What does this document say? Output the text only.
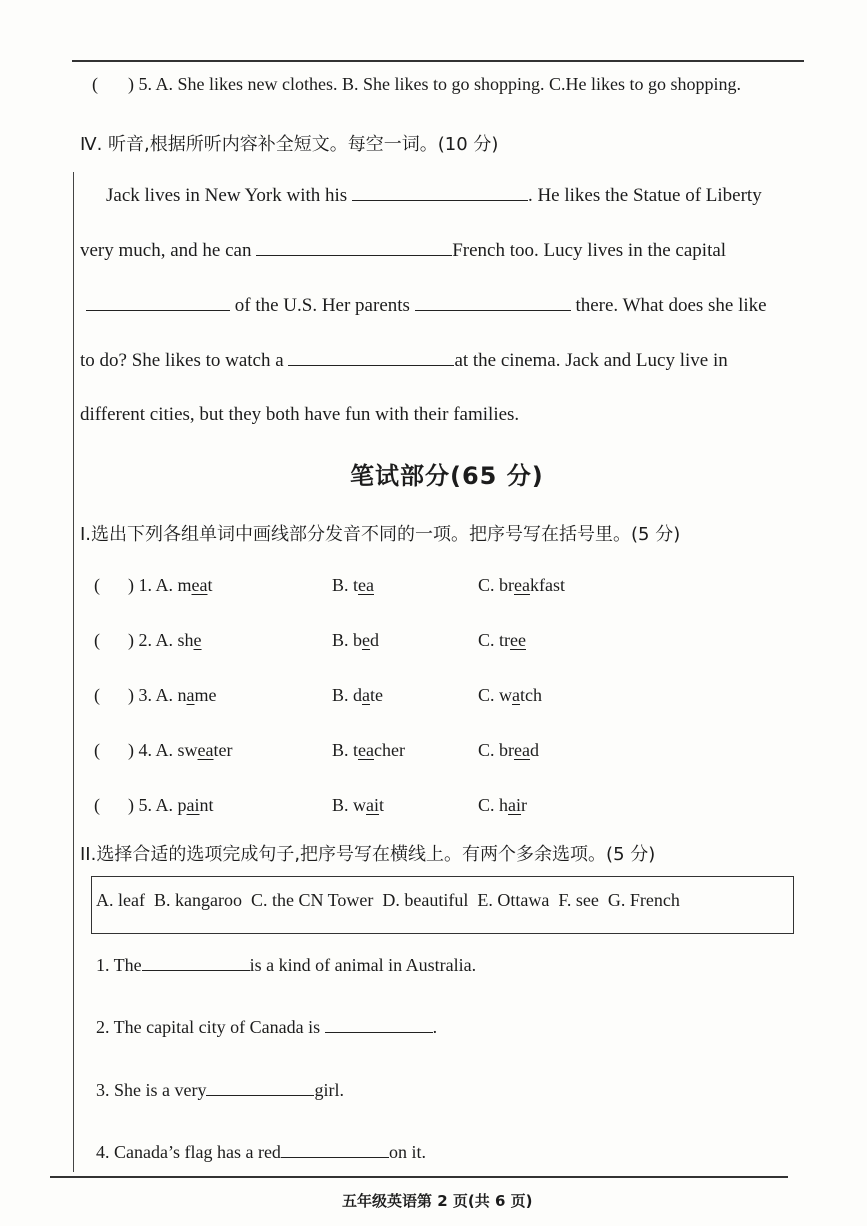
( ) 5. A. She likes new clothes. B. She likes to go shopping. C.He likes to go shopping.
Ⅳ. 听音,根据所听内容补全短文。每空一词。(10 分)
Jack lives in New York with his	. He likes the Statue of Liberty
very much, and he can	French too. Lucy lives in the capital
of the U.S. Her parents	there. What does she like
to do? She likes to watch a	at the cinema. Jack and Lucy live in
different cities, but they both have fun with their families.
笔试部分(65 分)
I.选出下列各组单词中画线部分发音不同的一项。把序号写在括号里。(5 分)
( ) 1. A. meat	B. tea	C. breakfast
( ) 2. A. she	B. bed	C. tree
( ) 3. A. name	B. date	C. watch
( ) 4. A. sweater	B. teacher	C. bread
( ) 5. A. paint	B. wait	C. hair
II.选择合适的选项完成句子,把序号写在横线上。有两个多余选项。(5 分)
A. leaf B. kangaroo C. the CN Tower D. beautiful E. Ottawa F. see G. French
1. The	is a kind of animal in Australia.
2. The capital city of Canada is	.
3. She is a very	girl.
4. Canada’s flag has a red	on it.
五年级英语第 2 页(共 6 页)
